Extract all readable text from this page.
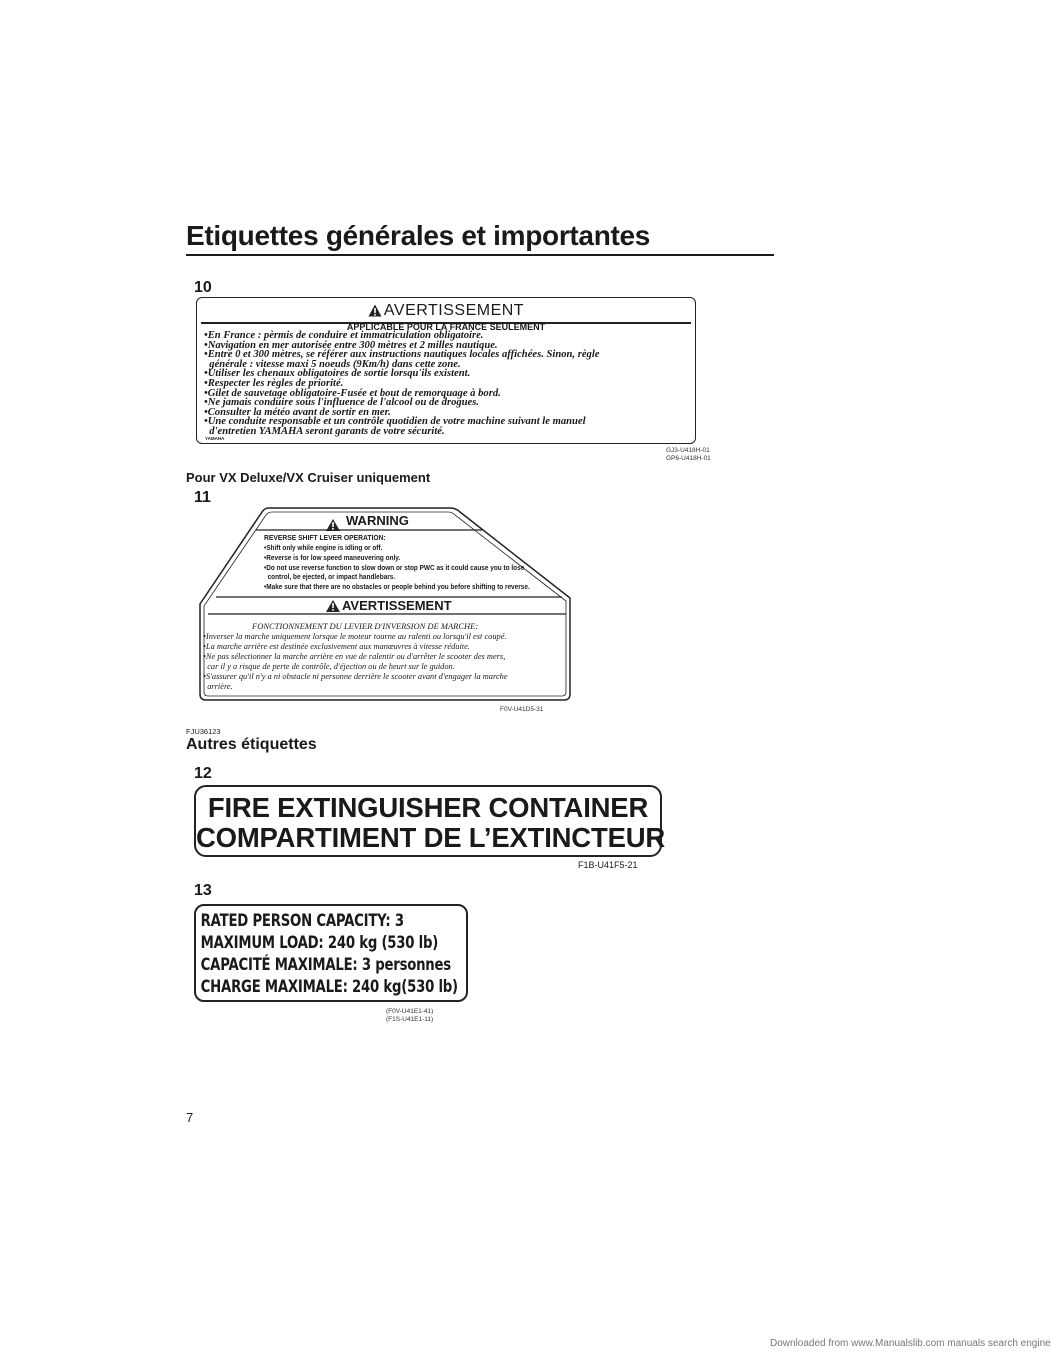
Etiquettes générales et importantes
10
AVERTISSEMENT
APPLICABLE POUR LA FRANCE SEULEMENT
•En France : pèrmis de conduire et immatriculation obligatoire.
•Navigation en mer autorisée entre 300 mètres et 2 milles nautique.
•Entre 0 et 300 mètres, se référer aux instructions nautiques locales affichées. Sinon, règle
générale : vitesse maxi 5 noeuds (9Km/h) dans cette zone.
•Utiliser les chenaux obligatoires de sortie lorsqu'ils existent.
•Respecter les règles de priorité.
•Gilet de sauvetage obligatoire-Fusée et bout de remorquage à bord.
•Ne jamais conduire sous l'influence de l'alcool ou de drogues.
•Consulter la météo avant de sortir en mer.
•Une conduite responsable et un contrôle quotidien de votre machine suivant le manuel
d'entretien YAMAHA seront garants de votre sécurité.
YAMAHA
GJ3-U418H-01
GP6-U418H-01
Pour VX Deluxe/VX Cruiser uniquement
11
WARNING
REVERSE SHIFT LEVER OPERATION:
•Shift only while engine is idling or off.
•Reverse is for low speed maneuvering only.
•Do not use reverse function to slow down or stop PWC as it could cause you to lose
control, be ejected, or impact handlebars.
•Make sure that there are no obstacles or people behind you before shifting to reverse.
AVERTISSEMENT
FONCTIONNEMENT DU LEVIER D'INVERSION DE MARCHE:
•Inverser la marche uniquement lorsque le moteur tourne au ralenti ou lorsqu'il est coupé.
•La marche arrière est destinée exclusivement aux manœuvres à vitesse réduite.
•Ne pas sélectionner la marche arrière en vue de ralentir ou d'arrêter le scooter des mers,
car il y a risque de perte de contrôle, d'éjection ou de heurt sur le guidon.
•S'assurer qu'il n'y a ni obstacle ni personne derrière le scooter avant d'engager la marche
arrière.
F0V-U41D5-31
FJU36123
Autres étiquettes
12
FIRE EXTINGUISHER CONTAINER
COMPARTIMENT DE L’EXTINCTEUR
F1B-U41F5-21
13
RATED PERSON CAPACITY: 3
MAXIMUM LOAD: 240 kg (530 lb)
CAPACITÉ MAXIMALE: 3 personnes
CHARGE MAXIMALE: 240 kg(530 lb)
(F0V-U41E1-41)
(F1S-U41E1-11)
7
Downloaded from www.Manualslib.com manuals search engine
